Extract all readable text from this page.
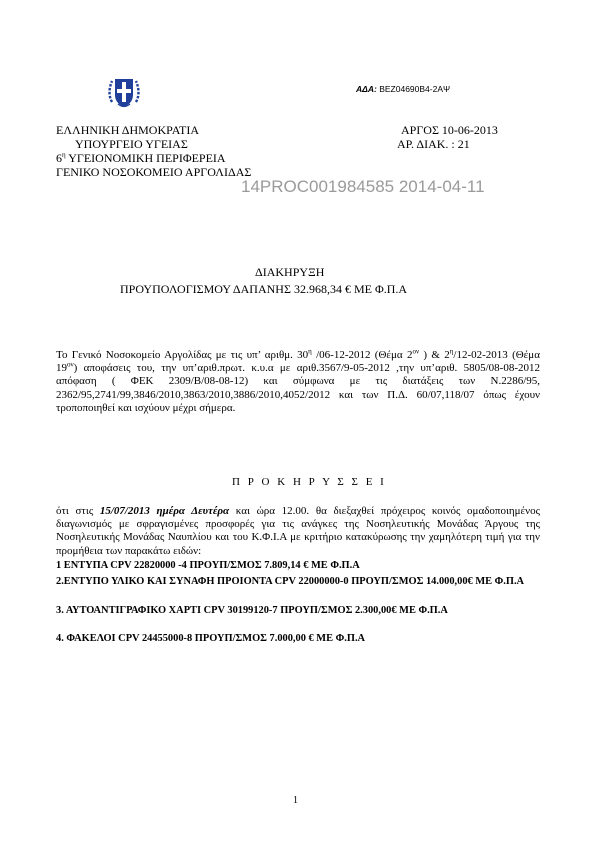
ΑΔΑ: ΒΕΖ04690Β4-2ΑΨ
ΕΛΛΗΝΙΚΗ ΔΗΜΟΚΡΑΤΙΑ
ΥΠΟΥΡΓΕΙΟ ΥΓΕΙΑΣ
$6^\eta$ ΥΓΕΙΟΝΟΜΙΚΗ ΠΕΡΙΦΕΡΕΙΑ
ΓΕΝΙΚΟ ΝΟΣΟΚΟΜΕΙΟ ΑΡΓΟΛΙΔΑΣ
ΑΡΓΟΣ 10-06-2013
ΑΡ. ΔΙΑΚ. : 21
14PROC001984585 2014-04-11
ΔΙΑΚΗΡΥΞΗ
ΠΡΟΥΠΟΛΟΓΙΣΜΟΥ ΔΑΠΑΝΗΣ 32.968,34 € ΜΕ Φ.Π.Α

Το Γενικό Νοσοκομείο Αργολίδας με τις υπ’ αριθμ. $30^\eta$ /06-12-2012 (Θέμα $2^{o\nu}$ ) & $2^\eta/12-02-2013$ (Θέμα $19^{o\nu}$) αποφάσεις του, την υπ’αριθ.πρωτ. κ.υ.α με αριθ.3567/9-05-2012 ,την υπ’αριθ. 5805/08-08-2012 απόφαση ( ΦΕΚ 2309/Β/08-08-12) και σύμφωνα με τις διατάξεις των Ν.2286/95, 2362/95,2741/99,3846/2010,3863/2010,3886/2010,4052/2012 και των Π.Δ. 60/07,118/07 όπως έχουν τροποποιηθεί και ισχύουν μέχρι σήμερα.

Π Ρ Ο Κ Η Ρ Υ Σ Σ Ε Ι

ότι στις 15/07/2013 ημέρα Δευτέρα και ώρα 12.00. θα διεξαχθεί πρόχειρος κοινός ομαδοποιημένος διαγωνισμός με σφραγισμένες προσφορές για τις ανάγκες της Νοσηλευτικής Μονάδας Άργους της Νοσηλευτικής Μονάδας Ναυπλίου και του Κ.Φ.Ι.Α με κριτήριο κατακύρωσης την χαμηλότερη τιμή για την προμήθεια των παρακάτω ειδών:

1 ΕΝΤΥΠΑ CPV 22820000 -4 ΠΡΟΥΠ/ΣΜΟΣ 7.809,14 € ΜΕ Φ.Π.Α
2.ΕΝΤΥΠΟ ΥΛΙΚΟ ΚΑΙ ΣΥΝΑΦΗ ΠΡΟΙΟΝΤΑ CPV 22000000-0 ΠΡΟΥΠ/ΣΜΟΣ 14.000,00€ ΜΕ Φ.Π.Α
3. ΑΥΤΟΑΝΤΙΓΡΑΦΙΚΟ ΧΑΡΤΙ CPV 30199120-7 ΠΡΟΥΠ/ΣΜΟΣ 2.300,00€ ΜΕ Φ.Π.Α
4. ΦΑΚΕΛΟΙ CPV 24455000-8 ΠΡΟΥΠ/ΣΜΟΣ 7.000,00 € ΜΕ Φ.Π.Α
1
